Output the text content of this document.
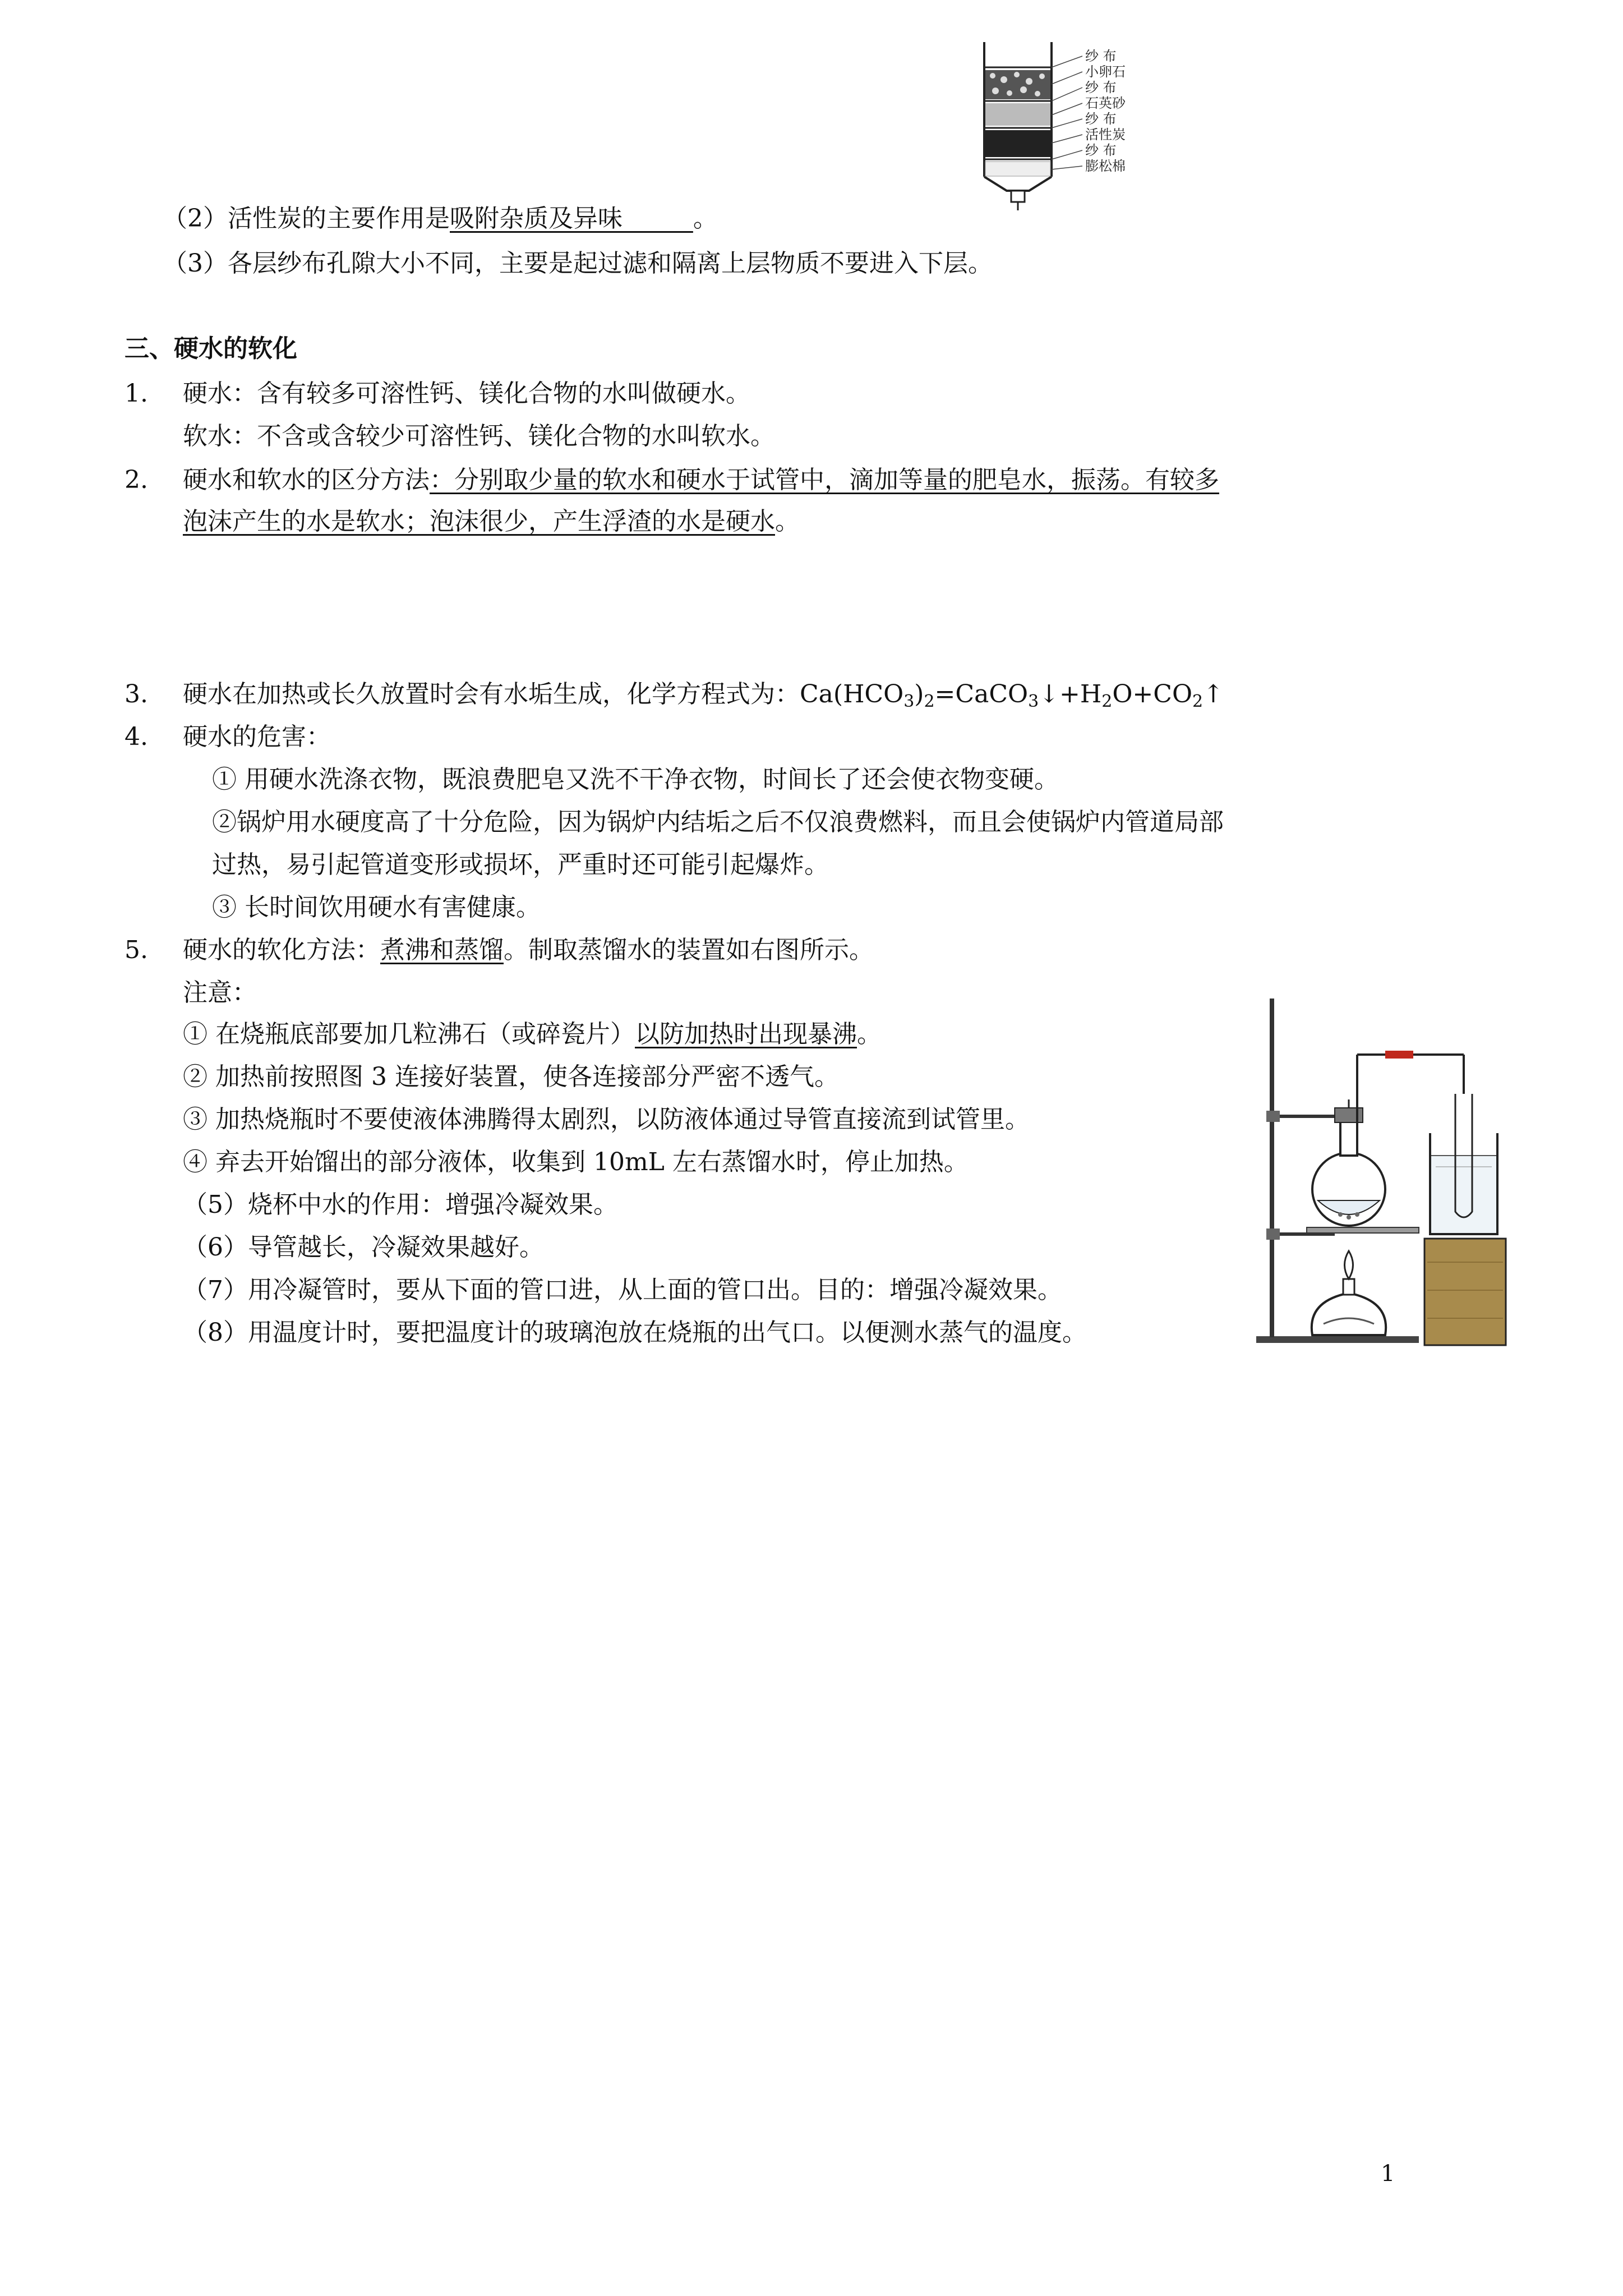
纱 布
小卵石
纱 布
石英砂
纱 布
活性炭
纱 布
膨松棉
（2）活性炭的主要作用是吸附杂质及异味	。
（3）各层纱布孔隙大小不同，主要是起过滤和隔离上层物质不要进入下层。
三、硬水的软化
1. 硬水：含有较多可溶性钙、镁化合物的水叫做硬水。
软水：不含或含较少可溶性钙、镁化合物的水叫软水。
2. 硬水和软水的区分方法：分别取少量的软水和硬水于试管中，滴加等量的肥皂水，振荡。有较多
泡沫产生的水是软水；泡沫很少，产生浮渣的水是硬水。
3. 硬水在加热或长久放置时会有水垢生成，化学方程式为：$Ca(HCO_3)_2=CaCO_3↓+H_2O+CO_2↑$
4. 硬水的危害：
① 用硬水洗涤衣物，既浪费肥皂又洗不干净衣物，时间长了还会使衣物变硬。
②锅炉用水硬度高了十分危险，因为锅炉内结垢之后不仅浪费燃料，而且会使锅炉内管道局部
过热，易引起管道变形或损坏，严重时还可能引起爆炸。
③ 长时间饮用硬水有害健康。
5. 硬水的软化方法：煮沸和蒸馏。制取蒸馏水的装置如右图所示。
注意：
① 在烧瓶底部要加几粒沸石（或碎瓷片）以防加热时出现暴沸。
② 加热前按照图 3 连接好装置，使各连接部分严密不透气。
③ 加热烧瓶时不要使液体沸腾得太剧烈，以防液体通过导管直接流到试管里。
④ 弃去开始馏出的部分液体，收集到 10mL 左右蒸馏水时，停止加热。
（5）烧杯中水的作用：增强冷凝效果。
（6）导管越长，冷凝效果越好。
（7）用冷凝管时，要从下面的管口进，从上面的管口出。目的：增强冷凝效果。
（8）用温度计时，要把温度计的玻璃泡放在烧瓶的出气口。以便测水蒸气的温度。
1
